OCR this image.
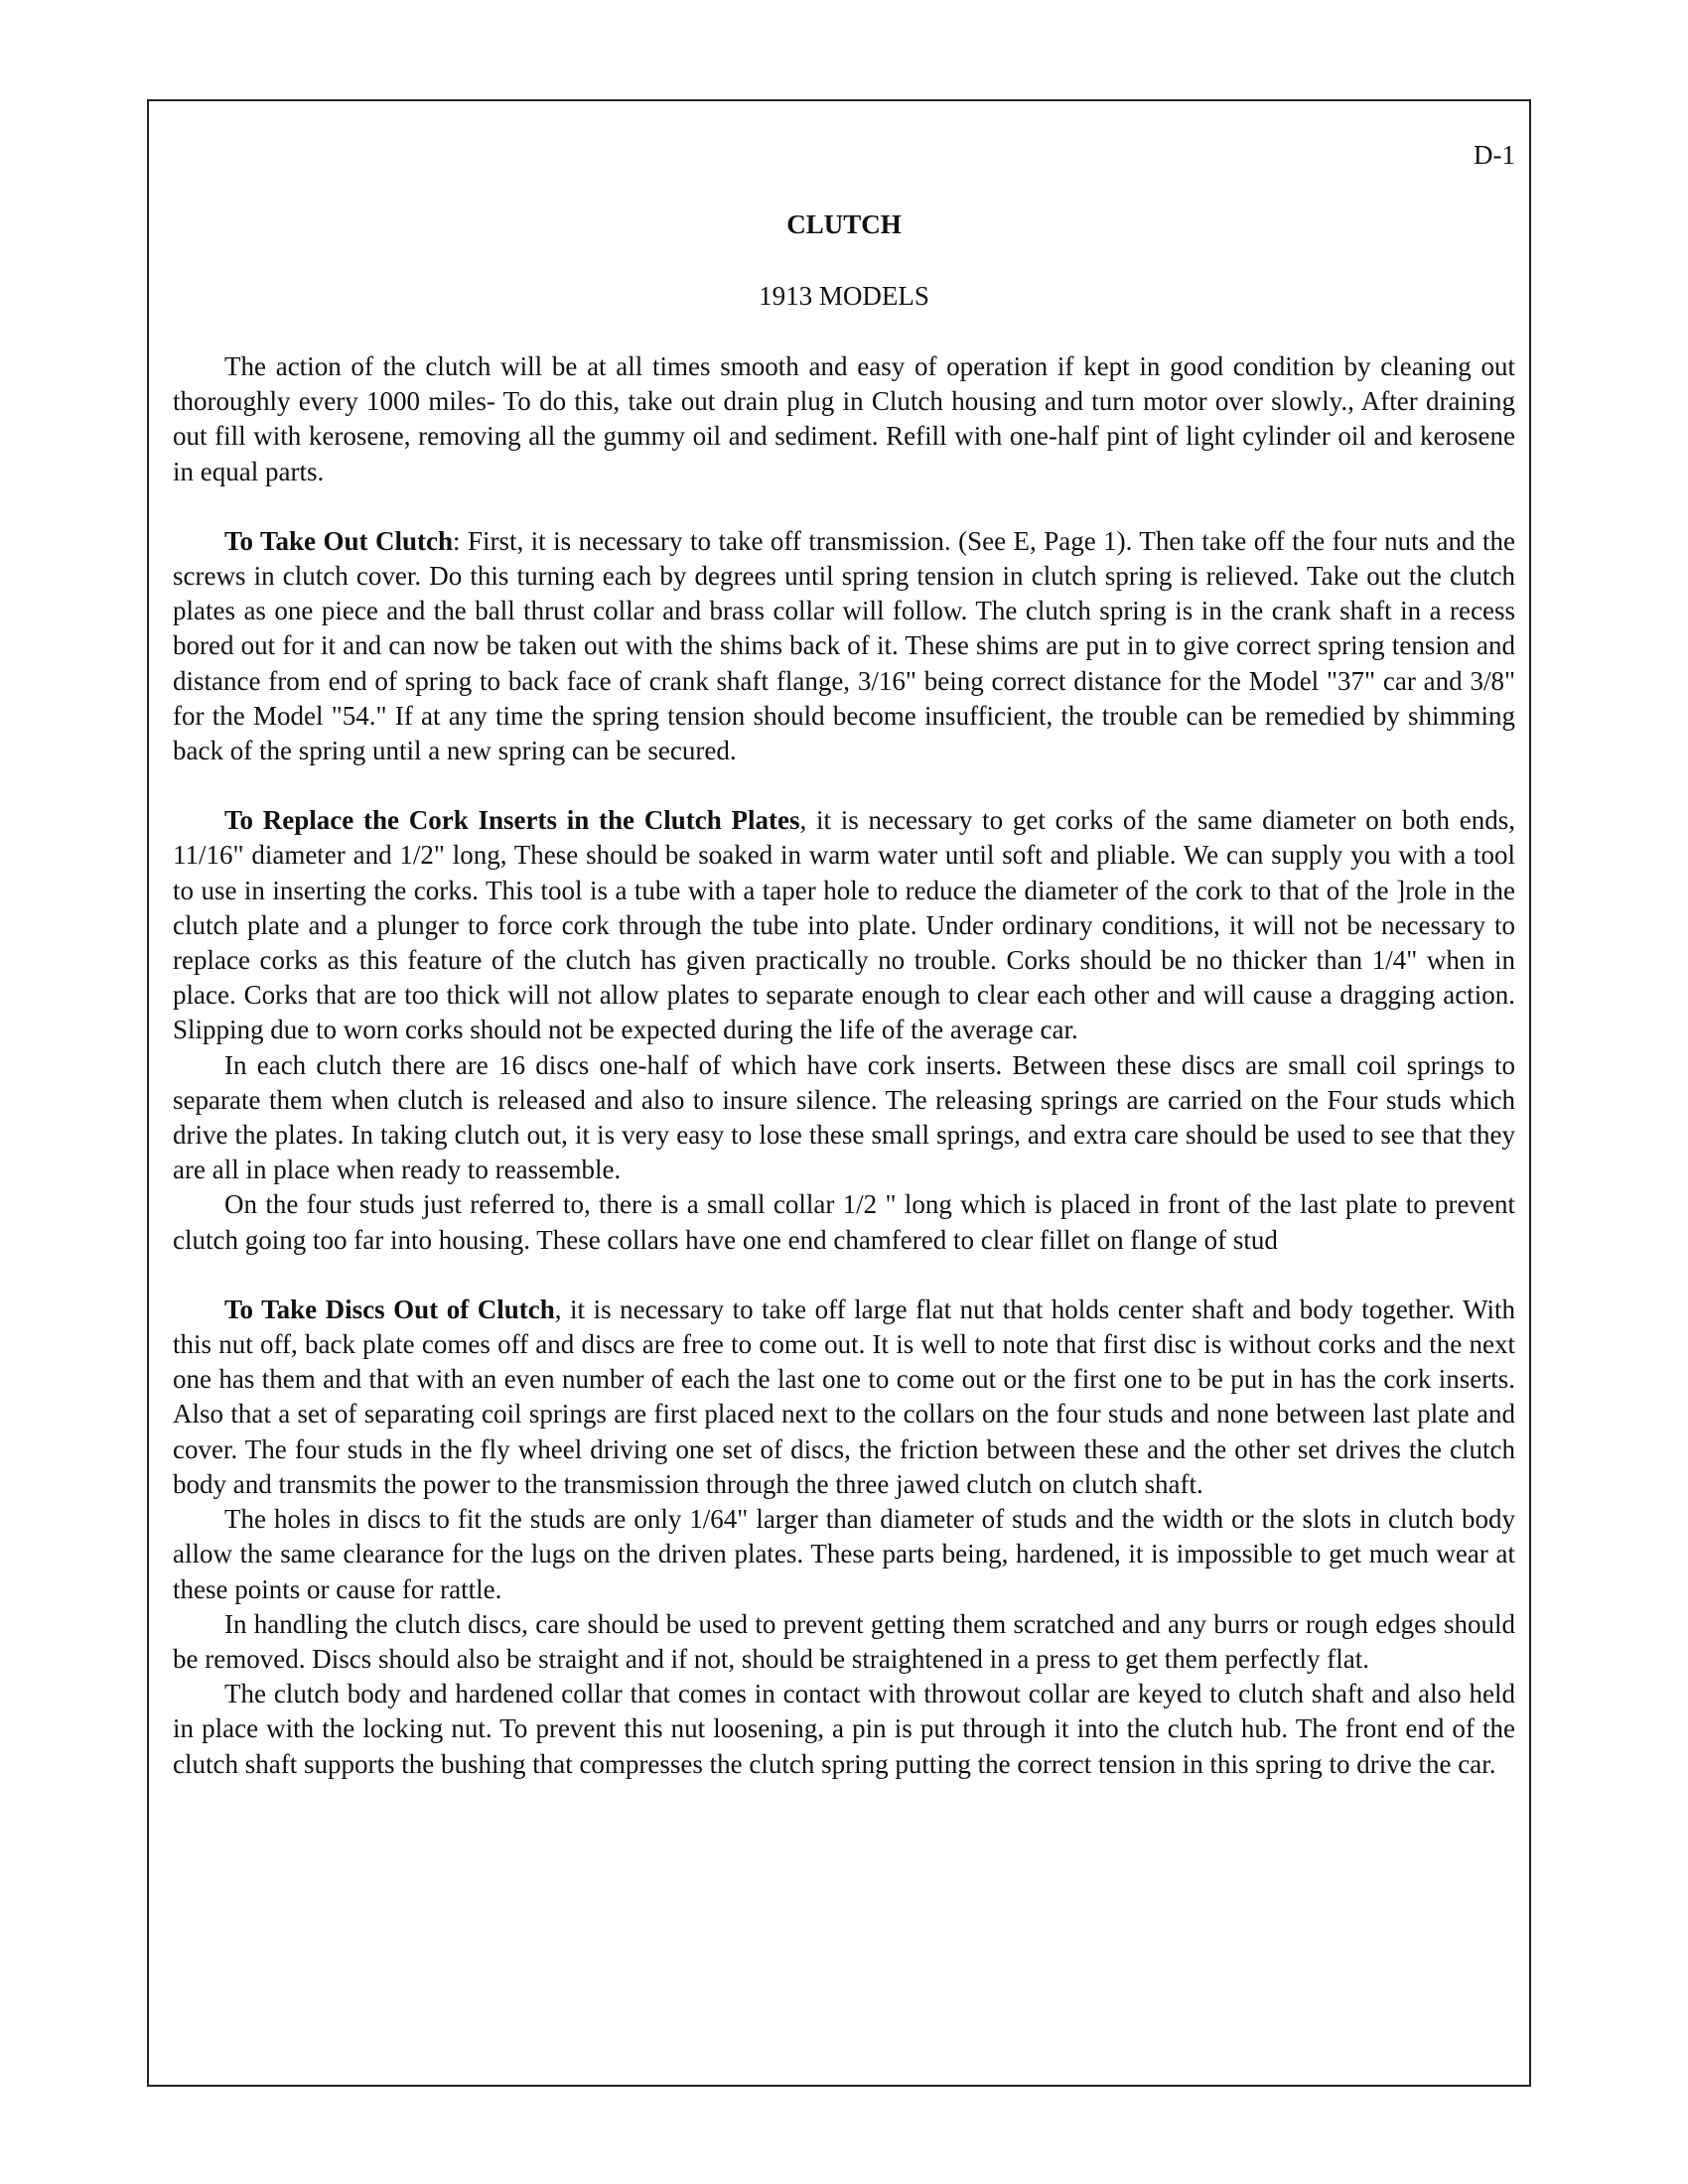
D-1
CLUTCH
1913 MODELS

The action of the clutch will be at all times smooth and easy of operation if kept in good condition by cleaning out thoroughly every 1000 miles- To do this, take out drain plug in Clutch housing and turn motor over slowly., After draining out fill with kerosene, removing all the gummy oil and sediment. Refill with one-half pint of light cylinder oil and kerosene in equal parts.

To Take Out Clutch: First, it is necessary to take off transmission. (See E, Page 1). Then take off the four nuts and the screws in clutch cover. Do this turning each by degrees until spring tension in clutch spring is relieved. Take out the clutch plates as one piece and the ball thrust collar and brass collar will follow. The clutch spring is in the crank shaft in a recess bored out for it and can now be taken out with the shims back of it. These shims are put in to give correct spring tension and distance from end of spring to back face of crank shaft flange, 3/16" being correct distance for the Model "37" car and 3/8" for the Model "54." If at any time the spring tension should become insufficient, the trouble can be remedied by shimming back of the spring until a new spring can be secured.

To Replace the Cork Inserts in the Clutch Plates, it is necessary to get corks of the same diameter on both ends, 11/16" diameter and 1/2" long, These should be soaked in warm water until soft and pliable. We can supply you with a tool to use in inserting the corks. This tool is a tube with a taper hole to reduce the diameter of the cork to that of the ]role in the clutch plate and a plunger to force cork through the tube into plate. Under ordinary conditions, it will not be necessary to replace corks as this feature of the clutch has given practically no trouble. Corks should be no thicker than 1/4" when in place. Corks that are too thick will not allow plates to separate enough to clear each other and will cause a dragging action. Slipping due to worn corks should not be expected during the life of the average car.

In each clutch there are 16 discs one-half of which have cork inserts. Between these discs are small coil springs to separate them when clutch is released and also to insure silence. The releasing springs are carried on the Four studs which drive the plates. In taking clutch out, it is very easy to lose these small springs, and extra care should be used to see that they are all in place when ready to reassemble.

On the four studs just referred to, there is a small collar 1/2 " long which is placed in front of the last plate to prevent clutch going too far into housing. These collars have one end chamfered to clear fillet on flange of stud

To Take Discs Out of Clutch, it is necessary to take off large flat nut that holds center shaft and body together. With this nut off, back plate comes off and discs are free to come out. It is well to note that first disc is without corks and the next one has them and that with an even number of each the last one to come out or the first one to be put in has the cork inserts. Also that a set of separating coil springs are first placed next to the collars on the four studs and none between last plate and cover. The four studs in the fly wheel driving one set of discs, the friction between these and the other set drives the clutch body and transmits the power to the transmission through the three jawed clutch on clutch shaft.

The holes in discs to fit the studs are only 1/64" larger than diameter of studs and the width or the slots in clutch body allow the same clearance for the lugs on the driven plates. These parts being, hardened, it is impossible to get much wear at these points or cause for rattle.

In handling the clutch discs, care should be used to prevent getting them scratched and any burrs or rough edges should be removed. Discs should also be straight and if not, should be straightened in a press to get them perfectly flat.

The clutch body and hardened collar that comes in contact with throwout collar are keyed to clutch shaft and also held in place with the locking nut. To prevent this nut loosening, a pin is put through it into the clutch hub. The front end of the clutch shaft supports the bushing that compresses the clutch spring putting the correct tension in this spring to drive the car.
